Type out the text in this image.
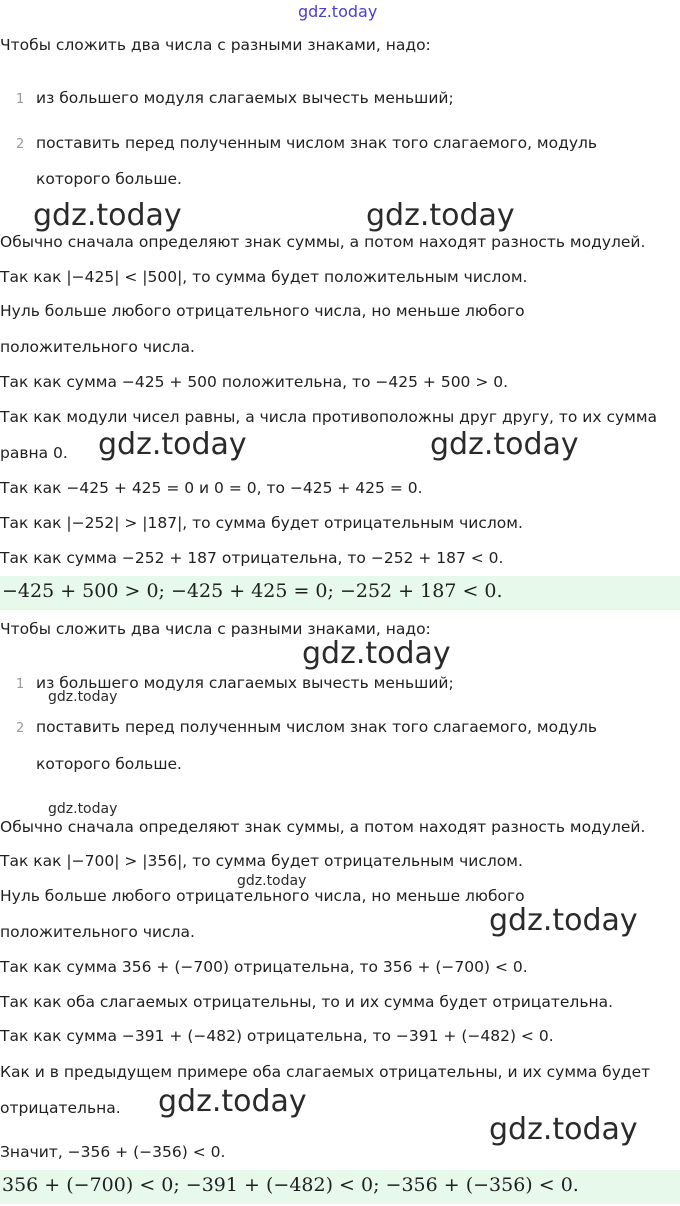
gdz.today
gdz.today	gdz.today
gdz.today	gdz.today
gdz.today
gdz.today
gdz.today
gdz.today
gdz.today
gdz.today
gdz.today
Чтобы сложить два числа с разными знаками, надо:
1 из большего модуля слагаемых вычесть меньший;
2 поставить перед полученным числом знак того слагаемого, модуль
которого больше.
Обычно сначала определяют знак суммы, а потом находят разность модулей.
Так как |−425| < |500|, то сумма будет положительным числом.
Нуль больше любого отрицательного числа, но меньше любого
положительного числа.
Так как сумма −425 + 500 положительна, то −425 + 500 > 0.
Так как модули чисел равны, а числа противоположны друг другу, то их сумма
равна 0.
Так как −425 + 425 = 0 и 0 = 0, то −425 + 425 = 0.
Так как |−252| > |187|, то сумма будет отрицательным числом.
Так как сумма −252 + 187 отрицательна, то −252 + 187 < 0.
−425 + 500 > 0; −425 + 425 = 0; −252 + 187 < 0.
Чтобы сложить два числа с разными знаками, надо:
1 из большего модуля слагаемых вычесть меньший;
2 поставить перед полученным числом знак того слагаемого, модуль
которого больше.
Обычно сначала определяют знак суммы, а потом находят разность модулей.
Так как |−700| > |356|, то сумма будет отрицательным числом.
Нуль больше любого отрицательного числа, но меньше любого
положительного числа.
Так как сумма 356 + (−700) отрицательна, то 356 + (−700) < 0.
Так как оба слагаемых отрицательны, то и их сумма будет отрицательна.
Так как сумма −391 + (−482) отрицательна, то −391 + (−482) < 0.
Как и в предыдущем примере оба слагаемых отрицательны, и их сумма будет
отрицательна.
Значит, −356 + (−356) < 0.
356 + (−700) < 0; −391 + (−482) < 0; −356 + (−356) < 0.
